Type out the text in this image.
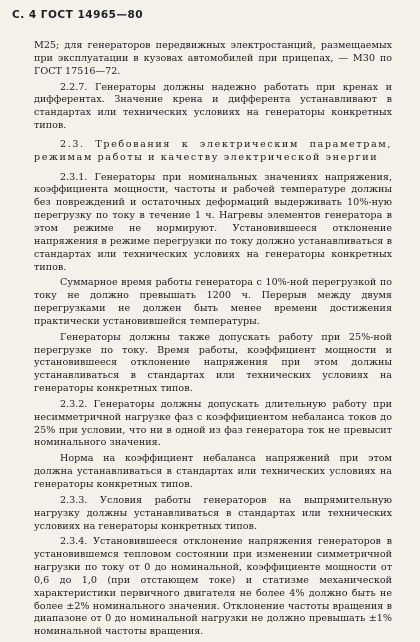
С. 4 ГОСТ 14965—80

М25; для генераторов передвижных электростанций, размещаемых при эксплуатации в кузовах автомобилей при прицепах, — М30 по ГОСТ 17516—72.

2.2.7. Генераторы должны надежно работать при кренах и дифферентах. Значение крена и дифферента устанавливают в стандартах или технических условиях на генераторы конкретных типов.

2.3. Требования к электрическим параметрам, режимам работы и качеству электрической энергии

2.3.1. Генераторы при номинальных значениях напряжения, коэффициента мощности, частоты и рабочей температуре должны без повреждений и остаточных деформаций выдерживать 10%-ную перегрузку по току в течение 1 ч. Нагревы элементов генератора в этом режиме не нормируют. Установившееся отклонение напряжения в режиме перегрузки по току должно устанавливаться в стандартах или технических условиях на генераторы конкретных типов.

Суммарное время работы генератора с 10%-ной перегрузкой по току не должно превышать 1200 ч. Перерыв между двумя перегрузками не должен быть менее времени достижения практически установившейся температуры.

Генераторы должны также допускать работу при 25%-ной перегрузке по току. Время работы, коэффициент мощности и установившееся отклонение напряжения при этом должны устанавливаться в стандартах или технических условиях на генераторы конкретных типов.

2.3.2. Генераторы должны допускать длительную работу при несимметричной нагрузке фаз с коэффициентом небаланса токов до 25% при условии, что ни в одной из фаз генератора ток не превысит номинального значения.

Норма на коэффициент небаланса напряжений при этом должна устанавливаться в стандартах или технических условиях на генераторы конкретных типов.

2.3.3. Условия работы генераторов на выпрямительную нагрузку должны устанавливаться в стандартах или технических условиях на генераторы конкретных типов.

2.3.4. Установившееся отклонение напряжения генераторов в установившемся тепловом состоянии при изменении симметричной нагрузки по току от 0 до номинальной, коэффициенте мощности от 0,6 до 1,0 (при отстающем токе) и статизме механической характеристики первичного двигателя не более 4% должно быть не более ±2% номинального значения. Отклонение частоты вращения в диапазоне от 0 до номинальной нагрузки не должно превышать ±1% номинальной частоты вращения.
